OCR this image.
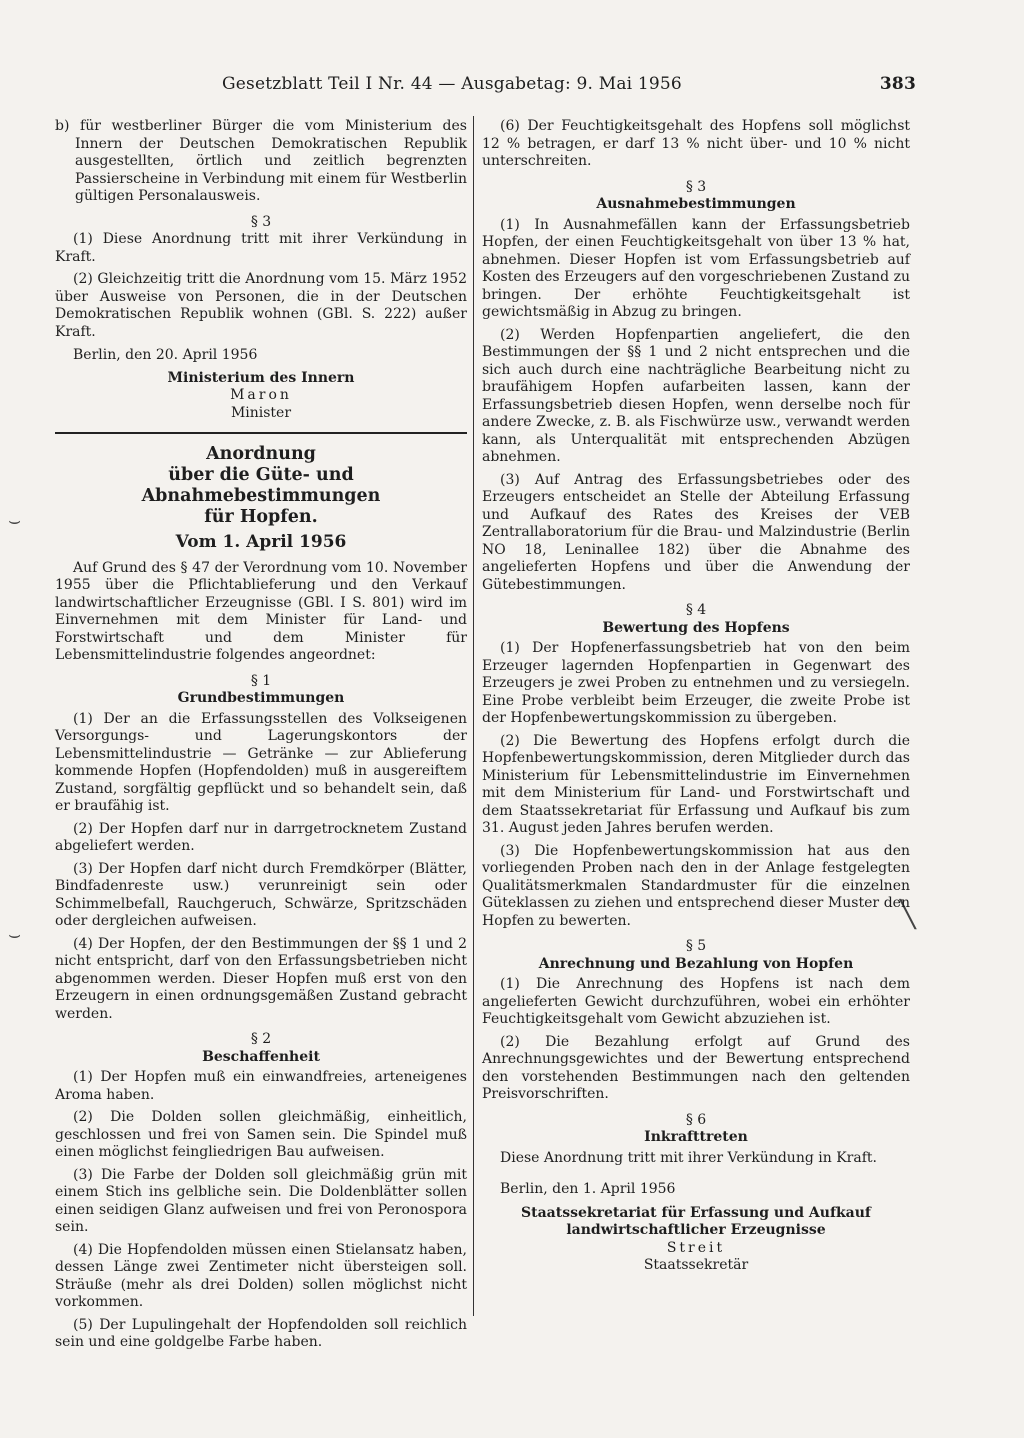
Gesetzblatt Teil I Nr. 44 — Ausgabetag: 9. Mai 1956	383
⌣
⌣
╲

b) für westberliner Bürger die vom Ministerium des Innern der Deutschen Demokratischen Republik ausgestellten, örtlich und zeitlich begrenzten Passierscheine in Verbindung mit einem für Westberlin gültigen Personalausweis.

§ 3

(1) Diese Anordnung tritt mit ihrer Verkündung in Kraft.

(2) Gleichzeitig tritt die Anordnung vom 15. März 1952 über Ausweise von Personen, die in der Deutschen Demokratischen Republik wohnen (GBl. S. 222) außer Kraft.

Berlin, den 20. April 1956

Ministerium des Innern

Maron

Minister

Anordnung

über die Güte- und Abnahmebestimmungen

für Hopfen.

Vom 1. April 1956

Auf Grund des § 47 der Verordnung vom 10. November 1955 über die Pflichtablieferung und den Verkauf landwirtschaftlicher Erzeugnisse (GBl. I S. 801) wird im Einvernehmen mit dem Minister für Land- und Forstwirtschaft und dem Minister für Lebensmittelindustrie folgendes angeordnet:

§ 1

Grundbestimmungen

(1) Der an die Erfassungsstellen des Volkseigenen Versorgungs- und Lagerungskontors der Lebensmittelindustrie — Getränke — zur Ablieferung kommende Hopfen (Hopfendolden) muß in ausgereiftem Zustand, sorgfältig gepflückt und so behandelt sein, daß er braufähig ist.

(2) Der Hopfen darf nur in darrgetrocknetem Zustand abgeliefert werden.

(3) Der Hopfen darf nicht durch Fremdkörper (Blätter, Bindfadenreste usw.) verunreinigt sein oder Schimmelbefall, Rauchgeruch, Schwärze, Spritzschäden oder dergleichen aufweisen.

(4) Der Hopfen, der den Bestimmungen der §§ 1 und 2 nicht entspricht, darf von den Erfassungsbetrieben nicht abgenommen werden. Dieser Hopfen muß erst von den Erzeugern in einen ordnungsgemäßen Zustand gebracht werden.

§ 2

Beschaffenheit

(1) Der Hopfen muß ein einwandfreies, arteneigenes Aroma haben.

(2) Die Dolden sollen gleichmäßig, einheitlich, geschlossen und frei von Samen sein. Die Spindel muß einen möglichst feingliedrigen Bau aufweisen.

(3) Die Farbe der Dolden soll gleichmäßig grün mit einem Stich ins gelbliche sein. Die Doldenblätter sollen einen seidigen Glanz aufweisen und frei von Peronospora sein.

(4) Die Hopfendolden müssen einen Stielansatz haben, dessen Länge zwei Zentimeter nicht übersteigen soll. Sträuße (mehr als drei Dolden) sollen möglichst nicht vorkommen.

(5) Der Lupulingehalt der Hopfendolden soll reichlich sein und eine goldgelbe Farbe haben.

(6) Der Feuchtigkeitsgehalt des Hopfens soll möglichst 12 % betragen, er darf 13 % nicht über- und 10 % nicht unterschreiten.

§ 3

Ausnahmebestimmungen

(1) In Ausnahmefällen kann der Erfassungsbetrieb Hopfen, der einen Feuchtigkeitsgehalt von über 13 % hat, abnehmen. Dieser Hopfen ist vom Erfassungsbetrieb auf Kosten des Erzeugers auf den vorgeschriebenen Zustand zu bringen. Der erhöhte Feuchtigkeitsgehalt ist gewichtsmäßig in Abzug zu bringen.

(2) Werden Hopfenpartien angeliefert, die den Bestimmungen der §§ 1 und 2 nicht entsprechen und die sich auch durch eine nachträgliche Bearbeitung nicht zu braufähigem Hopfen aufarbeiten lassen, kann der Erfassungsbetrieb diesen Hopfen, wenn derselbe noch für andere Zwecke, z. B. als Fischwürze usw., verwandt werden kann, als Unterqualität mit entsprechenden Abzügen abnehmen.

(3) Auf Antrag des Erfassungsbetriebes oder des Erzeugers entscheidet an Stelle der Abteilung Erfassung und Aufkauf des Rates des Kreises der VEB Zentrallaboratorium für die Brau- und Malzindustrie (Berlin NO 18, Leninallee 182) über die Abnahme des angelieferten Hopfens und über die Anwendung der Gütebestimmungen.

§ 4

Bewertung des Hopfens

(1) Der Hopfenerfassungsbetrieb hat von den beim Erzeuger lagernden Hopfenpartien in Gegenwart des Erzeugers je zwei Proben zu entnehmen und zu versiegeln. Eine Probe verbleibt beim Erzeuger, die zweite Probe ist der Hopfenbewertungskommission zu übergeben.

(2) Die Bewertung des Hopfens erfolgt durch die Hopfenbewertungskommission, deren Mitglieder durch das Ministerium für Lebensmittelindustrie im Einvernehmen mit dem Ministerium für Land- und Forstwirtschaft und dem Staatssekretariat für Erfassung und Aufkauf bis zum 31. August jeden Jahres berufen werden.

(3) Die Hopfenbewertungskommission hat aus den vorliegenden Proben nach den in der Anlage festgelegten Qualitätsmerkmalen Standardmuster für die einzelnen Güteklassen zu ziehen und entsprechend dieser Muster den Hopfen zu bewerten.

§ 5

Anrechnung und Bezahlung von Hopfen

(1) Die Anrechnung des Hopfens ist nach dem angelieferten Gewicht durchzuführen, wobei ein erhöhter Feuchtigkeitsgehalt vom Gewicht abzuziehen ist.

(2) Die Bezahlung erfolgt auf Grund des Anrechnungsgewichtes und der Bewertung entsprechend den vorstehenden Bestimmungen nach den geltenden Preisvorschriften.

§ 6

Inkrafttreten

Diese Anordnung tritt mit ihrer Verkündung in Kraft.

Berlin, den 1. April 1956

Staatssekretariat für Erfassung und Aufkauf

landwirtschaftlicher Erzeugnisse

Streit

Staatssekretär
